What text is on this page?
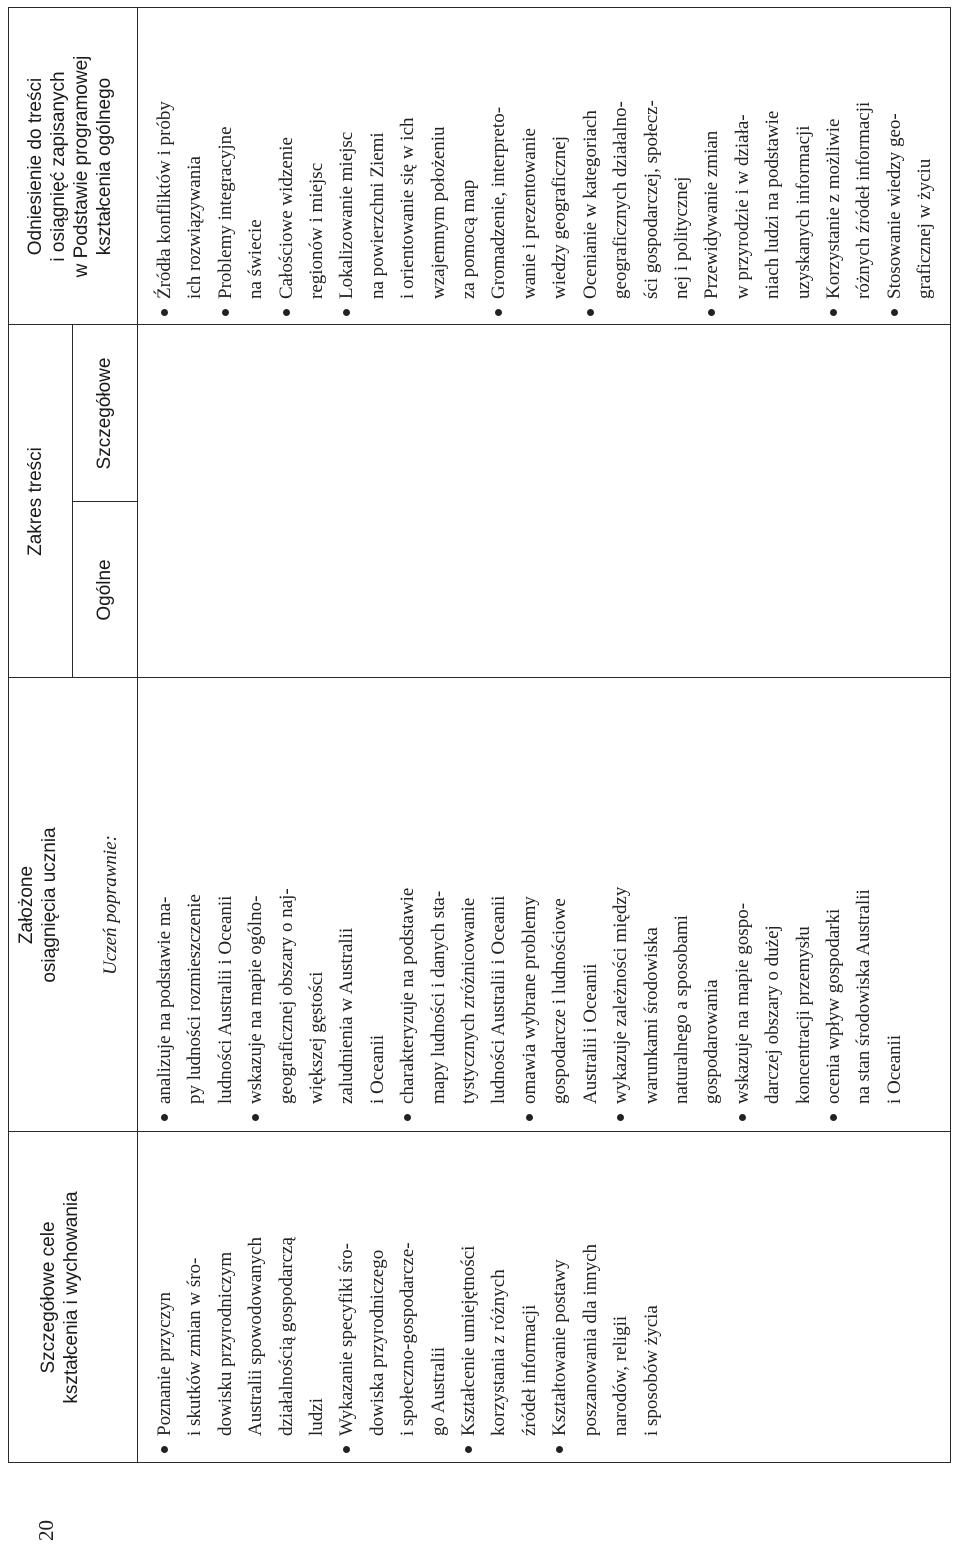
20
Szczegółowe cele kształcenia i wychowania
Zakres treści
Ogólne
Szczegółowe
Założone osiągnięcia ucznia Uczeń poprawnie:
Odniesienie do treści i osiągnięć zapisanych w Podstawie programowej kształcenia ogólnego
Poznanie przyczyn i skutków zmian w śro- dowisku przyrodniczym Australii spowodowanych działalnością gospodarczą ludzi Wykazanie specyfiki śro- dowiska przyrodniczego i społeczno-gospodarcze- go Australii Kształcenie umiejętności korzystania z różnych źródeł informacji Kształtowanie postawy poszanowania dla innych narodów, religii i sposobów życia
analizuje na podstawie ma- py ludności rozmieszczenie ludności Australii i Oceanii wskazuje na mapie ogólno- geograficznej obszary o naj- większej gęstości zaludnienia w Australii i Oceanii charakteryzuje na podstawie mapy ludności i danych sta- tystycznych zróżnicowanie ludności Australii i Oceanii omawia wybrane problemy gospodarcze i ludnościowe Australii i Oceanii wykazuje zależności między warunkami środowiska naturalnego a sposobami gospodarowania wskazuje na mapie gospo- darczej obszary o dużej koncentracji przemysłu ocenia wpływ gospodarki na stan środowiska Australii i Oceanii
Źródła konfliktów i próby ich rozwiązywania Problemy integracyjne na świecie Całościowe widzenie regionów i miejsc Lokalizowanie miejsc na powierzchni Ziemi i orientowanie się w ich wzajemnym położeniu za pomocą map Gromadzenie, interpreto- wanie i prezentowanie wiedzy geograficznej Ocenianie w kategoriach geograficznych działalno- ści gospodarczej, społecz- nej i politycznej Przewidywanie zmian w przyrodzie i w działa- niach ludzi na podstawie uzyskanych informacji Korzystanie z możliwie różnych źródeł informacji Stosowanie wiedzy geo- graficznej w życiu
